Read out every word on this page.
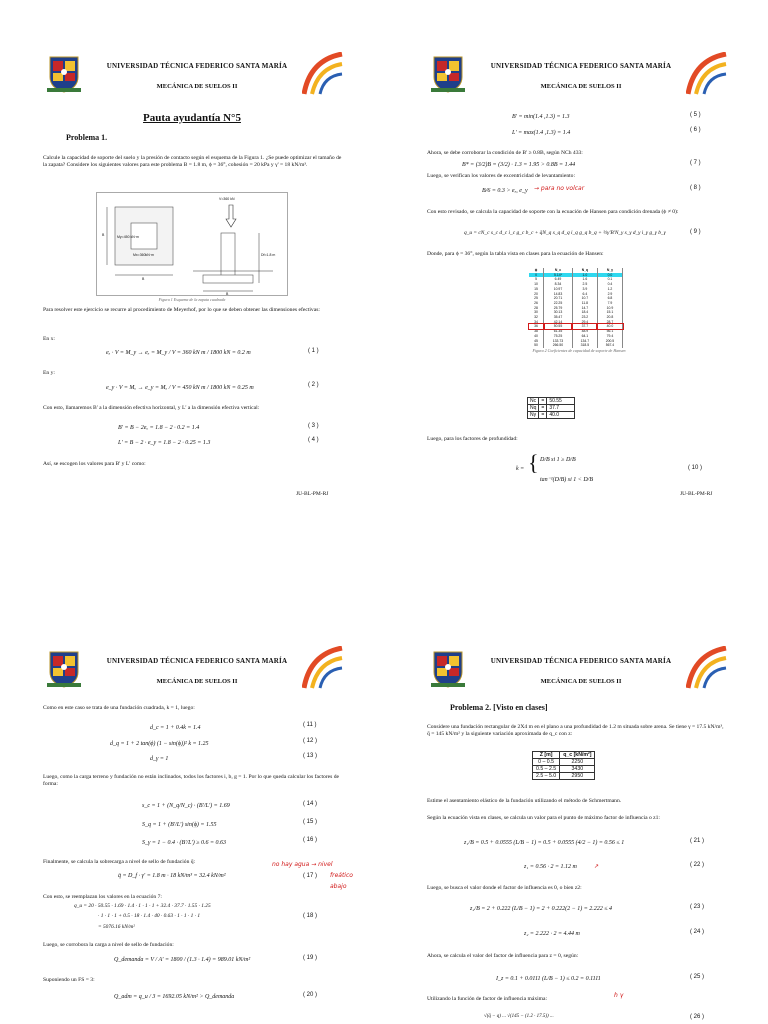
UNIVERSIDAD TÉCNICA FEDERICO SANTA MARÍA
MECÁNICA DE SUELOS II
Pauta ayudantía N°5
Problema 1.
Calcule la capacidad de soporte del suelo y la presión de contacto según el esquema de la Figura 1. ¿Se puede optimizar el tamaño de la zapata? Considere los siguientes valores para este problema B = 1.8 m, ϕ = 36°, cohesión = 20 kPa y γ' = 18 kN/m³.
V=360 kN
My=450 kN·m
Mx=360kN·m
B
B
Df=1.8 m
B
Figura 1 Esquema de la zapata cuadrada
Para resolver este ejercicio se recurre al procedimiento de Meyerhof, por lo que se deben obtener las dimensiones efectivas:
En x:
eₓ · V = M_y → eₓ = M_y / V = 360 kN m / 1800 kN = 0.2 m	( 1 )
En y:
e_y · V = Mₓ → e_y = Mₓ / V = 450 kN m / 1800 kN = 0.25 m	( 2 )
Con esto, llamaremos B' a la dimensión efectiva horizontal, y L' a la dimensión efectiva vertical:
B' = B − 2eₓ = 1.8 − 2 · 0.2 = 1.4	( 3 )
L' = B − 2 · e_y = 1.8 − 2 · 0.25 = 1.3	( 4 )
Así, se escogen los valores para B' y L' como:
JU-BL-PM-RJ
UNIVERSIDAD TÉCNICA FEDERICO SANTA MARÍA
MECÁNICA DE SUELOS II
B' = min(1.4 ,1.3) = 1.3	( 5 )
L' = max(1.4 ,1.3) = 1.4	( 6 )
Ahora, se debe corroborar la condición de B' ≥ 0.8B, según NCh 433:
B* = (3/2)B = (3/2) · 1.3 = 1.95 > 0.8B = 1.44	( 7 )
Luego, se verifican los valores de excentricidad de levantamiento:
B/6 = 0.3 > eₓ, e_y → para no volcar	( 8 )
Con esto revisado, se calcula la capacidad de soporte con la ecuación de Hansen para condición drenada (ϕ ≠ 0):
q_u = cN_c s_c d_c i_c g_c b_c + q̄N_q s_q d_q i_q g_q b_q + ½γ'B'N_γ s_γ d_γ i_γ g_γ b_γ	( 9 )
Donde, para ϕ = 36°, según la tabla vista en clases para la ecuación de Hansen:
ϕ	N_c	N_q	N_γ
0	5.14*	1.0	0.0
5	6.49	1.6	0.1
10	8.34	2.5	0.4
15	10.97	3.9	1.2
20	14.83	6.4	2.9
25	20.71	10.7	6.8
26	22.25	11.8	7.9
28	25.79	14.7	10.9
30	30.13	18.4	15.1
32	35.47	23.2	20.8
34	42.14	29.4	28.7
36	50.55	37.7	40.0
38	61.35	48.9	56.1
40	75.25	64.1	79.4
45	133.73	134.7	200.5
50	266.50	318.5	567.4
Figura 2 Coeficientes de capacidad de soporte de Hansen
Nc	=	50.55
Nq	=	37.7
Nγ	=	40.0
Luego, para los factores de profundidad:
k = { D/B si 1 ≥ D/B
tan⁻¹(D/B) si 1 < D/B
( 10 )
JU-BL-PM-RJ
UNIVERSIDAD TÉCNICA FEDERICO SANTA MARÍA
MECÁNICA DE SUELOS II
Como en este caso se trata de una fundación cuadrada, k = 1, luego:
d_c = 1 + 0.4k = 1.4	( 11 )
d_q = 1 + 2 tan(ϕ) (1 − sin(ϕ))² k = 1.25	( 12 )
d_γ = 1	( 13 )
Luego, como la carga terreno y fundación no están inclinados, todos los factores i, b, g = 1. Por lo que queda calcular los factores de forma:
s_c = 1 + (N_q/N_c) · (B'/L') = 1.69	( 14 )
S_q = 1 + (B'/L') sin(ϕ) = 1.55	( 15 )
S_γ = 1 − 0.4 · (B'/L') ≥ 0.6 = 0.63	( 16 )
Finalmente, se calcula la sobrecarga a nivel de sello de fundación q̄:
q̄ = D_f · γ' = 1.8 m · 18 kN/m³ = 32.4 kN/m²	( 17 )
no hay agua → nivel
freático
abajo
Con esto, se reemplazan los valores en la ecuación 7:
q_u = 20 · 50.55 · 1.69 · 1.4 · 1 · 1 · 1 + 32.4 · 37.7 · 1.55 · 1.25
· 1 · 1 · 1 + 0.5 · 18 · 1.4 · 40 · 0.63 · 1 · 1 · 1 · 1
= 5076.16 kN/m²
( 18 )
Luego, se corrobora la carga a nivel de sello de fundación:
Q_demanda = V / A' = 1800 / (1.3 · 1.4) = 989.01 kN/m²	( 19 )
Suponiendo un FS = 3:
Q_adm = q_u / 3 = 1692.05 kN/m² > Q_demanda	( 20 )
UNIVERSIDAD TÉCNICA FEDERICO SANTA MARÍA
MECÁNICA DE SUELOS II
Problema 2. [Visto en clases]
Considere una fundación rectangular de 2X4 m en el plano a una profundidad de 1.2 m situada sobre arena. Se tiene γ = 17.5 kN/m³, q̄ = 145 kN/m² y la siguiente variación aproximada de q_c con z:
Z [m]	q_c [kN/m²]
0 – 0.5	2250
0.5 – 2.5	3430
2.5 – 5.0	2950
Estime el asentamiento elástico de la fundación utilizando el método de Schmertmann.
Según la ecuación vista en clases, se calcula un valor para el punto de máximo factor de influencia o z1:
z₁/B = 0.5 + 0.0555 (L/B − 1) = 0.5 + 0.0555 (4/2 − 1) = 0.56 ≤ 1	( 21 )
z₁ = 0.56 · 2 = 1.12 m	↗	( 22 )
Luego, se busca el valor donde el factor de influencia es 0, o bien z2:
z₂/B = 2 + 0.222 (L/B − 1) = 2 + 0.222(2 − 1) = 2.222 ≤ 4	( 23 )
z₂ = 2.222 · 2 = 4.44 m	( 24 )
Ahora, se calcula el valor del factor de influencia para z = 0, según:
I_z = 0.1 + 0.0111 (L/B − 1) ≤ 0.2 = 0.1111	( 25 )
Utilizando la función de factor de influencia máxima:	h γ
√(q̄ − q) ... √(145 − (1.2 · 17.5)) ...	( 26 )
